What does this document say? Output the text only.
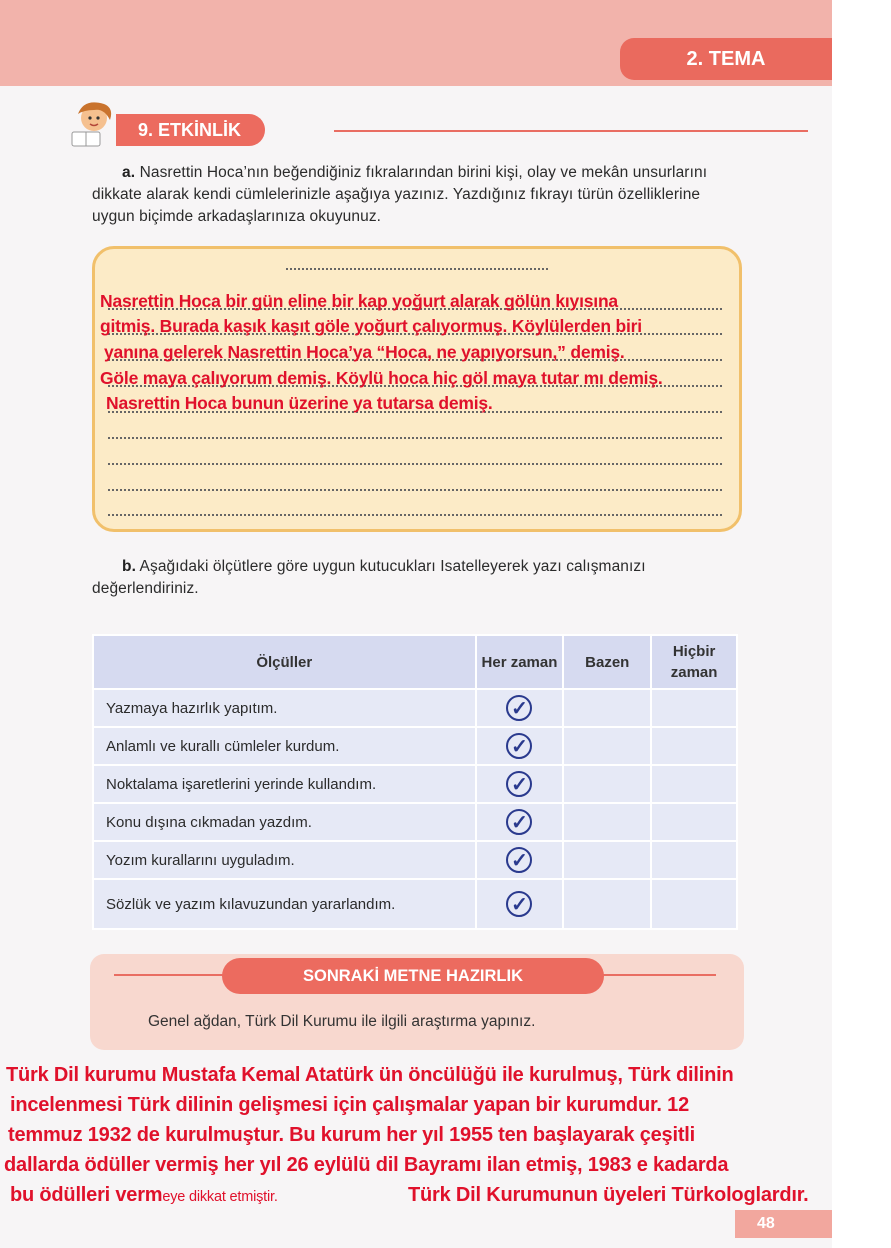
2. TEMA
9. ETKİNLİK
a. Nasrettin Hoca’nın beğendiğiniz fıkralarından birini kişi, olay ve mekân unsurlarını dikkate alarak kendi cümlelerinizle aşağıya yazınız. Yazdığınız fıkrayı türün özelliklerine uygun biçimde arkadaşlarınıza okuyunuz.
Nasrettin Hoca bir gün eline bir kap yoğurt alarak gölün kıyısına
gitmiş. Burada kaşık kaşıt göle yoğurt çalıyormuş. Köylülerden biri
yanına gelerek Nasrettin Hoca’ya “Hoca, ne yapıyorsun,” demiş.
Göle maya çalıyorum demiş. Köylü hoca hiç göl maya tutar mı demiş.
Nasrettin Hoca bunun üzerine ya tutarsa demiş.
b. Aşağıdaki ölçütlere göre uygun kutucukları Isatelleyerek yazı calışmanızı değerlendiriniz.
Ölçüller	Her zaman	Bazen	Hiçbir zaman
Yazmaya hazırlık yapıtım.	✓		
Anlamlı ve kurallı cümleler kurdum.	✓		
Noktalama işaretlerini yerinde kullandım.	✓		
Konu dışına cıkmadan yazdım.	✓		
Yozım kurallarını uyguladım.	✓		
Sözlük ve yazım kılavuzundan yararlandım.	✓		
SONRAKİ METNE HAZIRLIK
Genel ağdan, Türk Dil Kurumu ile ilgili araştırma yapınız.
Türk Dil kurumu Mustafa Kemal Atatürk ün öncülüğü ile kurulmuş, Türk dilinin
incelenmesi Türk dilinin gelişmesi için çalışmalar yapan bir kurumdur. 12
temmuz 1932 de kurulmuştur. Bu kurum her yıl 1955 ten başlayarak çeşitli
dallarda ödüller vermiş her yıl 26 eylülü dil Bayramı ilan etmiş, 1983 e kadarda
bu ödülleri vermeye dikkat etmiştir.	Türk Dil Kurumunun üyeleri Türkologlardır.
48
